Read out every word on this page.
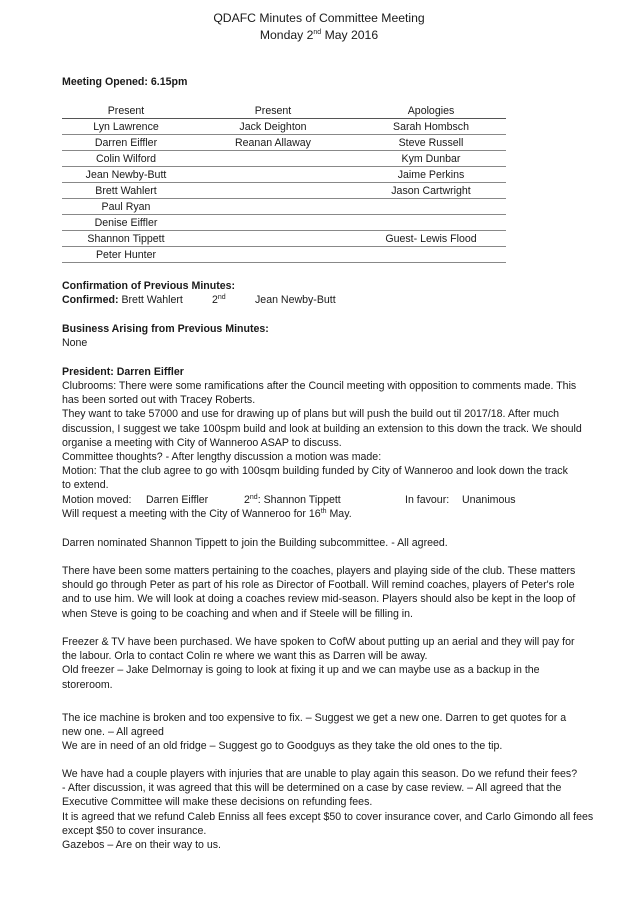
QDAFC Minutes of Committee Meeting
Monday 2nd May 2016
Meeting Opened: 6.15pm
Present	Present	Apologies
Lyn Lawrence	Jack Deighton	Sarah Hombsch
Darren Eiffler	Reanan Allaway	Steve Russell
Colin Wilford		Kym Dunbar
Jean Newby-Butt		Jaime Perkins
Brett Wahlert		Jason Cartwright
Paul Ryan		
Denise Eiffler		
Shannon Tippett		Guest- Lewis Flood
Peter Hunter		
Confirmation of Previous Minutes:
Confirmed: Brett Wahlert	2nd	Jean Newby-Butt
Business Arising from Previous Minutes:
None
President: Darren Eiffler
Clubrooms: There were some ramifications after the Council meeting with opposition to comments made. This
has been sorted out with Tracey Roberts.
They want to take 57000 and use for drawing up of plans but will push the build out til 2017/18. After much
discussion, I suggest we take 100spm build and look at building an extension to this down the track. We should
organise a meeting with City of Wanneroo ASAP to discuss.
Committee thoughts? - After lengthy discussion a motion was made:
Motion: That the club agree to go with 100sqm building funded by City of Wanneroo and look down the track
to extend.
Motion moved: Darren Eiffler	2nd: Shannon Tippett	In favour: Unanimous
Will request a meeting with the City of Wanneroo for 16th May.
Darren nominated Shannon Tippett to join the Building subcommittee. - All agreed.
There have been some matters pertaining to the coaches, players and playing side of the club. These matters
should go through Peter as part of his role as Director of Football. Will remind coaches, players of Peter's role
and to use him. We will look at doing a coaches review mid-season. Players should also be kept in the loop of
when Steve is going to be coaching and when and if Steele will be filling in.
Freezer & TV have been purchased. We have spoken to CofW about putting up an aerial and they will pay for
the labour. Orla to contact Colin re where we want this as Darren will be away.
Old freezer – Jake Delmornay is going to look at fixing it up and we can maybe use as a backup in the
storeroom.
The ice machine is broken and too expensive to fix. – Suggest we get a new one. Darren to get quotes for a
new one. – All agreed
We are in need of an old fridge – Suggest go to Goodguys as they take the old ones to the tip.
We have had a couple players with injuries that are unable to play again this season. Do we refund their fees?
- After discussion, it was agreed that this will be determined on a case by case review. – All agreed that the
Executive Committee will make these decisions on refunding fees.
It is agreed that we refund Caleb Enniss all fees except $50 to cover insurance cover, and Carlo Gimondo all fees
except $50 to cover insurance.
Gazebos – Are on their way to us.
